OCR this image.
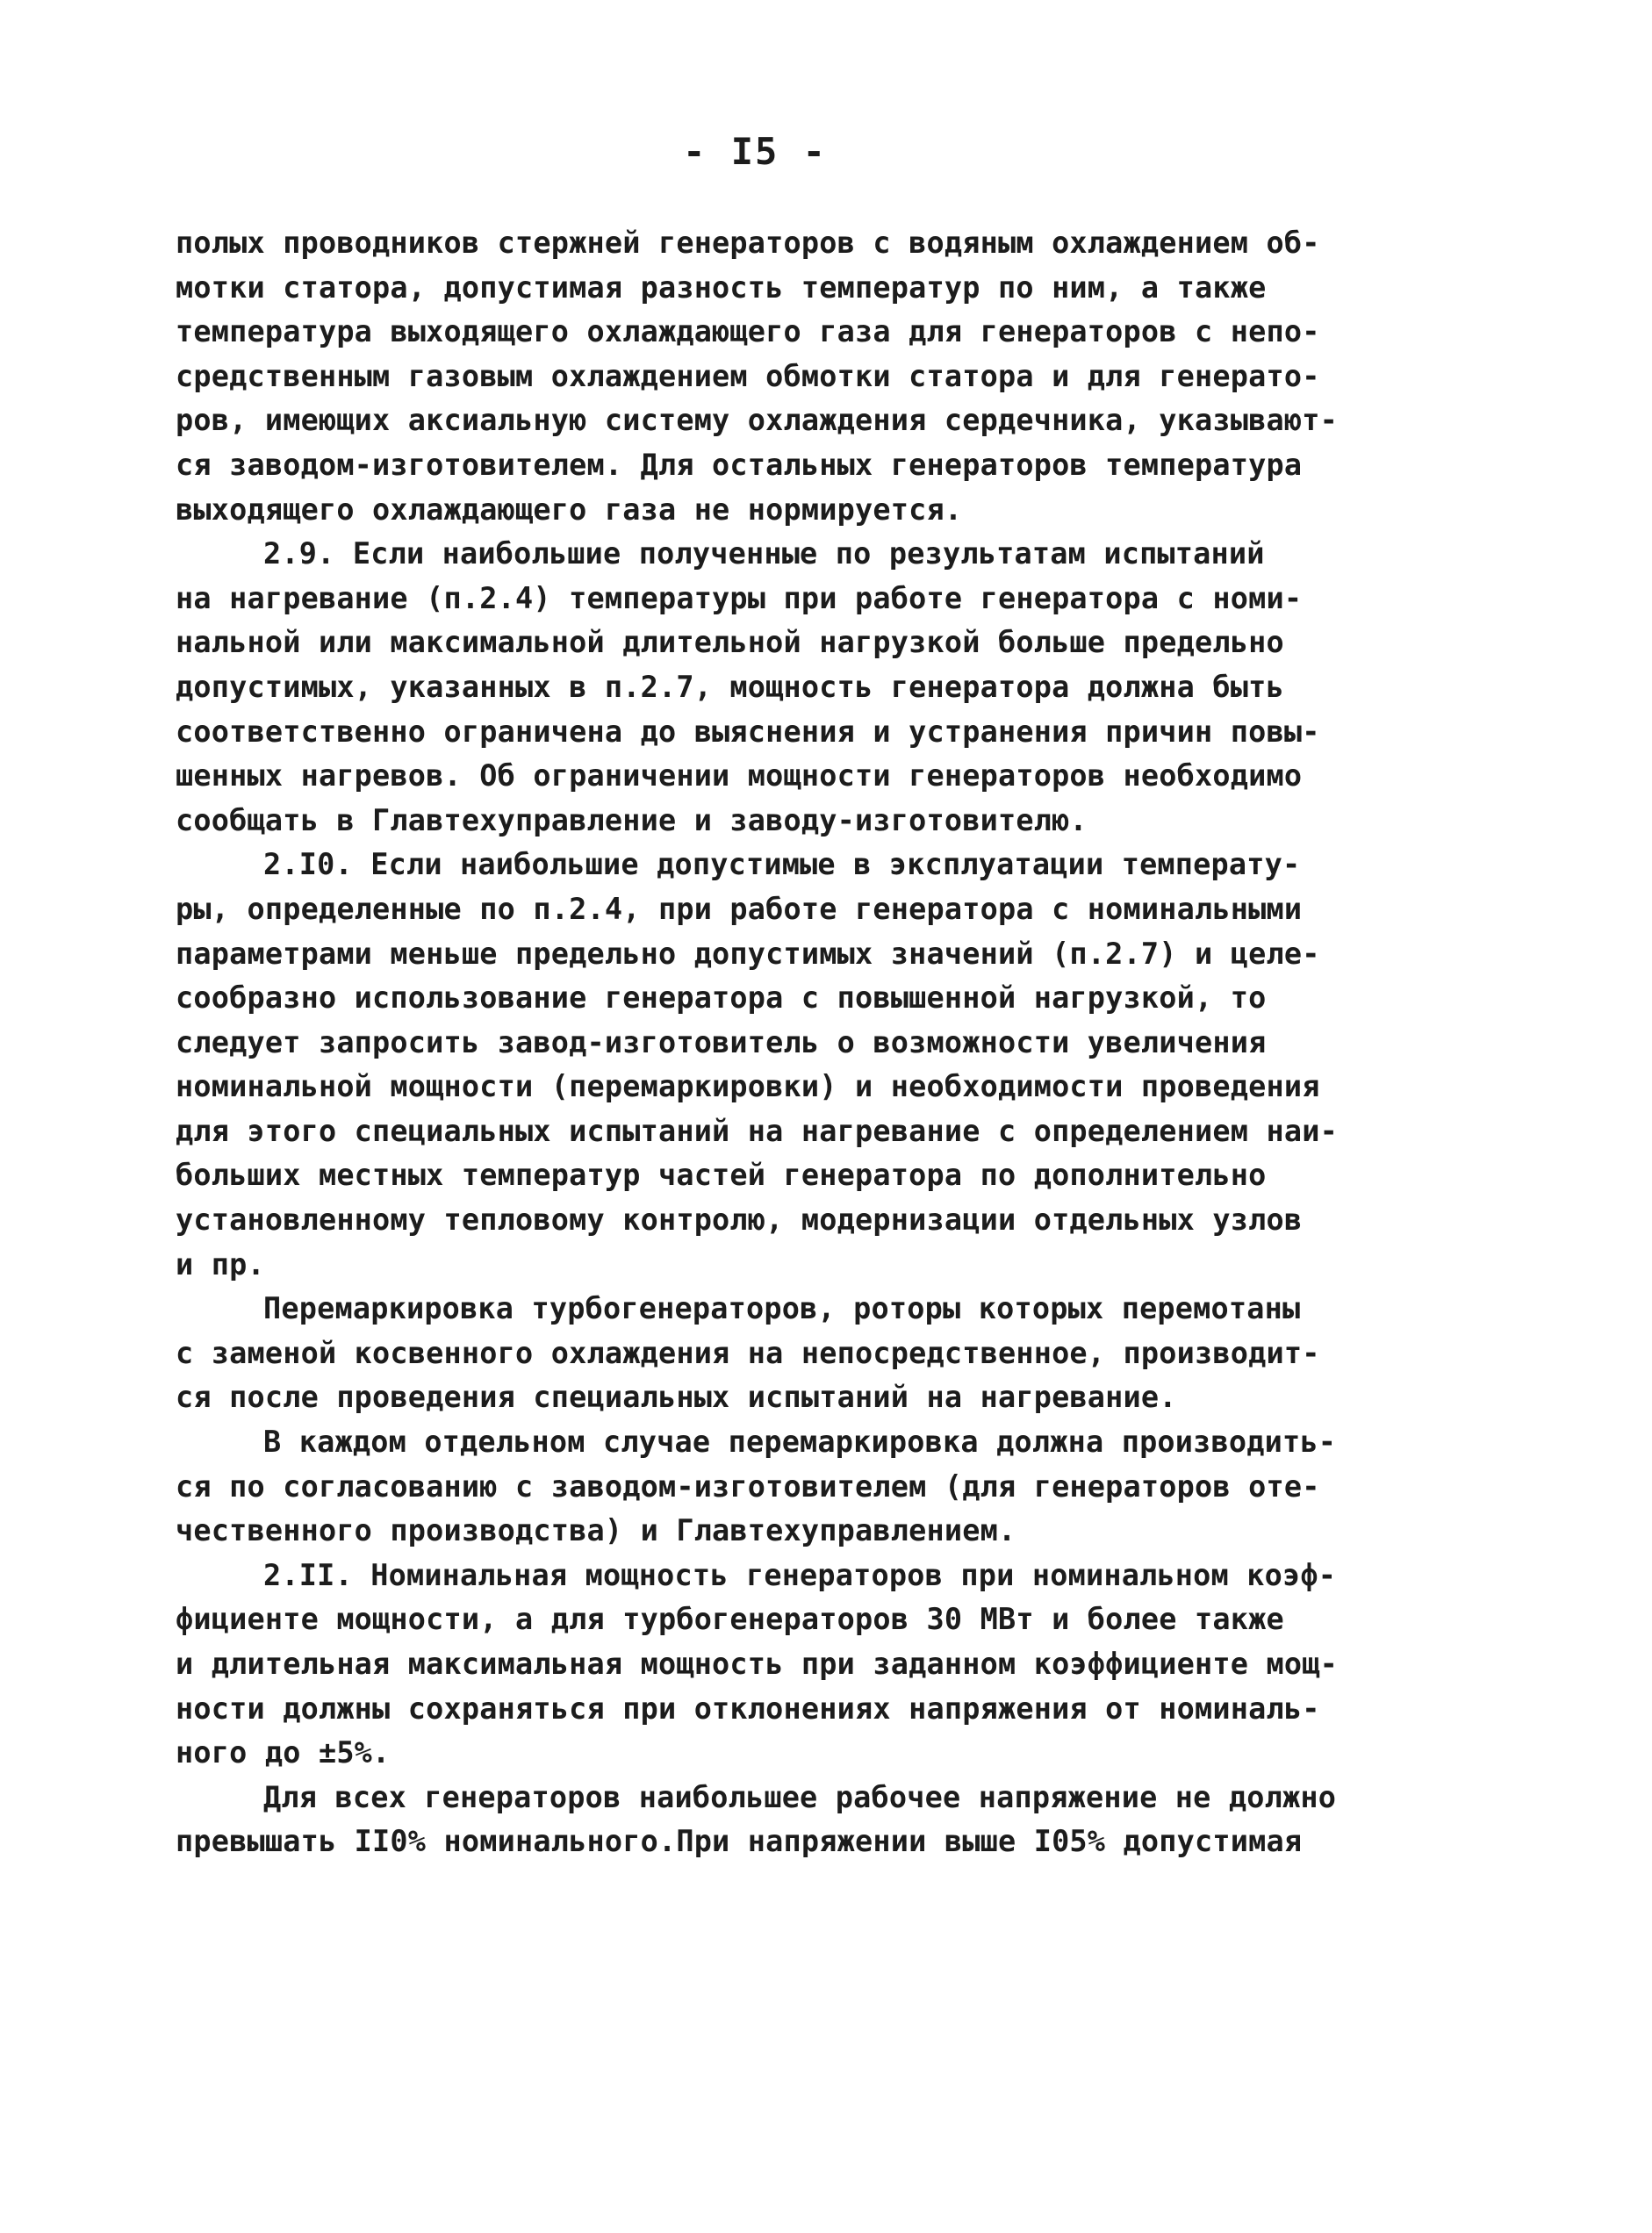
- I5 -
полых проводников стержней генераторов с водяным охлаждением об-
мотки статора, допустимая разность температур по ним, а также
температура выходящего охлаждающего газа для генераторов с непо-
средственным газовым охлаждением обмотки статора и для генерато-
ров, имеющих аксиальную систему охлаждения сердечника, указывают-
ся заводом-изготовителем. Для остальных генераторов температура
выходящего охлаждающего газа не нормируется.
2.9. Если наибольшие полученные по результатам испытаний
на нагревание (п.2.4) температуры при работе генератора с номи-
нальной или максимальной длительной нагрузкой больше предельно
допустимых, указанных в п.2.7, мощность генератора должна быть
соответственно ограничена до выяснения и устранения причин повы-
шенных нагревов. Об ограничении мощности генераторов необходимо
сообщать в Главтехуправление и заводу-изготовителю.
2.I0. Если наибольшие допустимые в эксплуатации температу-
ры, определенные по п.2.4, при работе генератора с номинальными
параметрами меньше предельно допустимых значений (п.2.7) и целе-
сообразно использование генератора с повышенной нагрузкой, то
следует запросить завод-изготовитель о возможности увеличения
номинальной мощности (перемаркировки) и необходимости проведения
для этого специальных испытаний на нагревание с определением наи-
больших местных температур частей генератора по дополнительно
установленному тепловому контролю, модернизации отдельных узлов
и пр.
Перемаркировка турбогенераторов, роторы которых перемотаны
с заменой косвенного охлаждения на непосредственное, производит-
ся после проведения специальных испытаний на нагревание.
В каждом отдельном случае перемаркировка должна производить-
ся по согласованию с заводом-изготовителем (для генераторов оте-
чественного производства) и Главтехуправлением.
2.II. Номинальная мощность генераторов при номинальном коэф-
фициенте мощности, а для турбогенераторов 30 МВт и более также
и длительная максимальная мощность при заданном коэффициенте мощ-
ности должны сохраняться при отклонениях напряжения от номиналь-
ного до ±5%.
Для всех генераторов наибольшее рабочее напряжение не должно
превышать II0% номинального.При напряжении выше I05% допустимая
